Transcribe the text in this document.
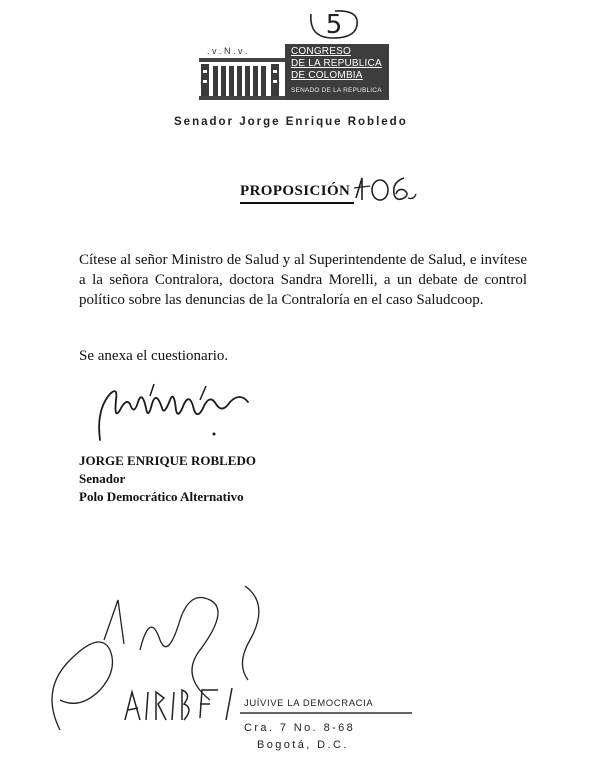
5
. v . N . v .	CONGRESO
DE LA REPUBLICA
DE COLOMBIA
SENADO DE LA REPUBLICA
Senador Jorge Enrique Robledo
PROPOSICIÓN
Cítese al señor Ministro de Salud y al Superintendente de Salud, e invítese a la señora Contralora, doctora Sandra Morelli, a un debate de control político sobre las denuncias de la Contraloría en el caso Saludcoop.
Se anexa el cuestionario.
JORGE ENRIQUE ROBLEDO
Senador
Polo Democrático Alternativo
JUÍVIVE LA DEMOCRACIA
Cra. 7 No. 8-68
Bogotá, D.C.
